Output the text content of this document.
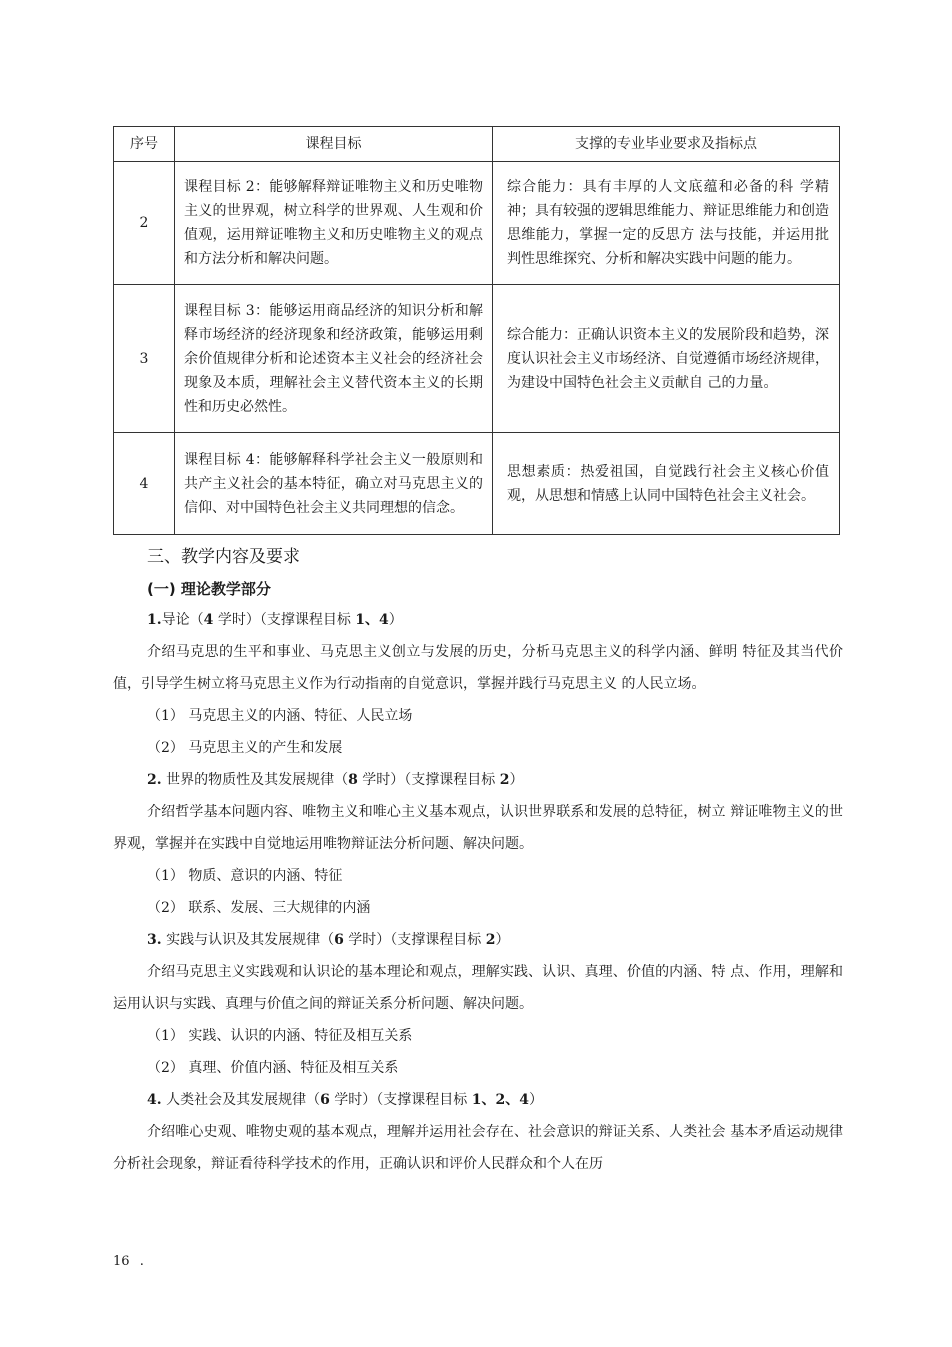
序号	课程目标	支撑的专业毕业要求及指标点
2	课程目标 2：能够解释辩证唯物主义和历史唯物主义的世界观，树立科学的世界观、人生观和价值观，运用辩证唯物主义和历史唯物主义的观点和方法分析和解决问题。	综合能力：具有丰厚的人文底蕴和必备的科 学精神；具有较强的逻辑思维能力、辩证思维能力和创造思维能力，掌握一定的反思方 法与技能，并运用批判性思维探究、分析和解决实践中问题的能力。
3	课程目标 3：能够运用商品经济的知识分析和解释市场经济的经济现象和经济政策，能够运用剩余价值规律分析和论述资本主义社会的经济社会现象及本质，理解社会主义替代资本主义的长期性和历史必然性。	综合能力：正确认识资本主义的发展阶段和趋势，深度认识社会主义市场经济、自觉遵循市场经济规律，为建设中国特色社会主义贡献自 己的力量。
4	课程目标 4：能够解释科学社会主义一般原则和共产主义社会的基本特征，确立对马克思主义的信仰、对中国特色社会主义共同理想的信念。	思想素质：热爱祖国，自觉践行社会主义核心价值观，从思想和情感上认同中国特色社会主义社会。
三、教学内容及要求
(一) 理论教学部分

1.导论（4 学时）（支撑课程目标 1、4）

介绍马克思的生平和事业、马克思主义创立与发展的历史，分析马克思主义的科学内涵、鲜明 特征及其当代价值，引导学生树立将马克思主义作为行动指南的自觉意识，掌握并践行马克思主义 的人民立场。

（1） 马克思主义的内涵、特征、人民立场

（2） 马克思主义的产生和发展

2. 世界的物质性及其发展规律（8 学时）（支撑课程目标 2）

介绍哲学基本问题内容、唯物主义和唯心主义基本观点，认识世界联系和发展的总特征，树立 辩证唯物主义的世界观，掌握并在实践中自觉地运用唯物辩证法分析问题、解决问题。

（1） 物质、意识的内涵、特征

（2） 联系、发展、三大规律的内涵

3. 实践与认识及其发展规律（6 学时）（支撑课程目标 2）

介绍马克思主义实践观和认识论的基本理论和观点，理解实践、认识、真理、价值的内涵、特 点、作用，理解和运用认识与实践、真理与价值之间的辩证关系分析问题、解决问题。

（1） 实践、认识的内涵、特征及相互关系

（2） 真理、价值内涵、特征及相互关系

4. 人类社会及其发展规律（6 学时）（支撑课程目标 1、2、4）

介绍唯心史观、唯物史观的基本观点，理解并运用社会存在、社会意识的辩证关系、人类社会 基本矛盾运动规律分析社会现象，辩证看待科学技术的作用，正确认识和评价人民群众和个人在历

16 .
